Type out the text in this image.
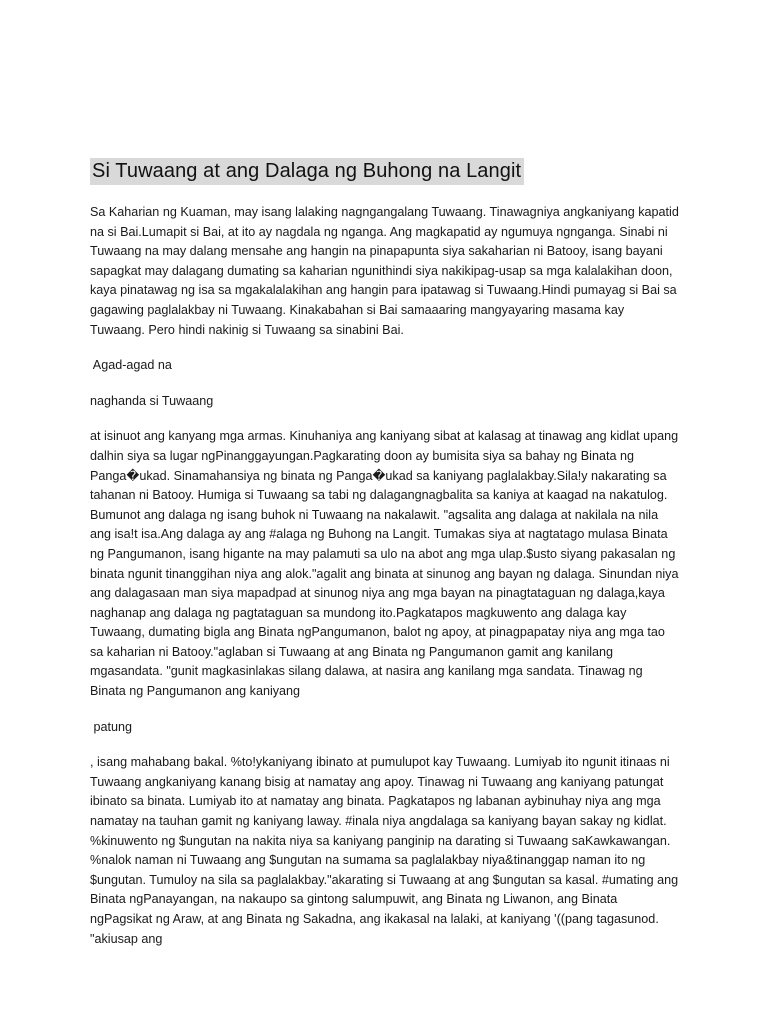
Si Tuwaang at ang Dalaga ng Buhong na Langit

Sa Kaharian ng Kuaman, may isang lalaking nagngangalang Tuwaang. Tinawagniya angkaniyang kapatid na si Bai.Lumapit si Bai, at ito ay nagdala ng nganga. Ang magkapatid ay ngumuya ngnganga. Sinabi ni Tuwaang na may dalang mensahe ang hangin na pinapapunta siya sakaharian ni Batooy, isang bayani sapagkat may dalagang dumating sa kaharian ngunithindi siya nakikipag-usap sa mga kalalakihan doon, kaya pinatawag ng isa sa mgakalalakihan ang hangin para ipatawag si Tuwaang.Hindi pumayag si Bai sa gagawing paglalakbay ni Tuwaang. Kinakabahan si Bai samaaaring mangyayaring masama kay Tuwaang. Pero hindi nakinig si Tuwaang sa sinabini Bai.

Agad-agad na

naghanda si Tuwaang

at isinuot ang kanyang mga armas. Kinuhaniya ang kaniyang sibat at kalasag at tinawag ang kidlat upang dalhin siya sa lugar ngPinanggayungan.Pagkarating doon ay bumisita siya sa bahay ng Binata ng Panga�ukad. Sinamahansiya ng binata ng Panga�ukad sa kaniyang paglalakbay.Sila!y nakarating sa tahanan ni Batooy. Humiga si Tuwaang sa tabi ng dalagangnagbalita sa kaniya at kaagad na nakatulog. Bumunot ang dalaga ng isang buhok ni Tuwaang na nakalawit. "agsalita ang dalaga at nakilala na nila ang isa!t isa.Ang dalaga ay ang #alaga ng Buhong na Langit. Tumakas siya at nagtatago mulasa Binata ng Pangumanon, isang higante na may palamuti sa ulo na abot ang mga ulap.$usto siyang pakasalan ng binata ngunit tinanggihan niya ang alok."agalit ang binata at sinunog ang bayan ng dalaga. Sinundan niya ang dalagasaan man siya mapadpad at sinunog niya ang mga bayan na pinagtataguan ng dalaga,kaya naghanap ang dalaga ng pagtataguan sa mundong ito.Pagkatapos magkuwento ang dalaga kay Tuwaang, dumating bigla ang Binata ngPangumanon, balot ng apoy, at pinagpapatay niya ang mga tao sa kaharian ni Batooy."aglaban si Tuwaang at ang Binata ng Pangumanon gamit ang kanilang mgasandata. "gunit magkasinlakas silang dalawa, at nasira ang kanilang mga sandata. Tinawag ng Binata ng Pangumanon ang kaniyang

patung

, isang mahabang bakal. %to!ykaniyang ibinato at pumulupot kay Tuwaang. Lumiyab ito ngunit itinaas ni Tuwaang angkaniyang kanang bisig at namatay ang apoy. Tinawag ni Tuwaang ang kaniyang patungat ibinato sa binata. Lumiyab ito at namatay ang binata. Pagkatapos ng labanan aybinuhay niya ang mga namatay na tauhan gamit ng kaniyang laway. #inala niya angdalaga sa kaniyang bayan sakay ng kidlat. %kinuwento ng $ungutan na nakita niya sa kaniyang panginip na darating si Tuwaang saKawkawangan. %nalok naman ni Tuwaang ang $ungutan na sumama sa paglalakbay niya&tinanggap naman ito ng $ungutan. Tumuloy na sila sa paglalakbay."akarating si Tuwaang at ang $ungutan sa kasal. #umating ang Binata ngPanayangan, na nakaupo sa gintong salumpuwit, ang Binata ng Liwanon, ang Binata ngPagsikat ng Araw, at ang Binata ng Sakadna, ang ikakasal na lalaki, at kaniyang '((pang tagasunod. "akiusap ang
